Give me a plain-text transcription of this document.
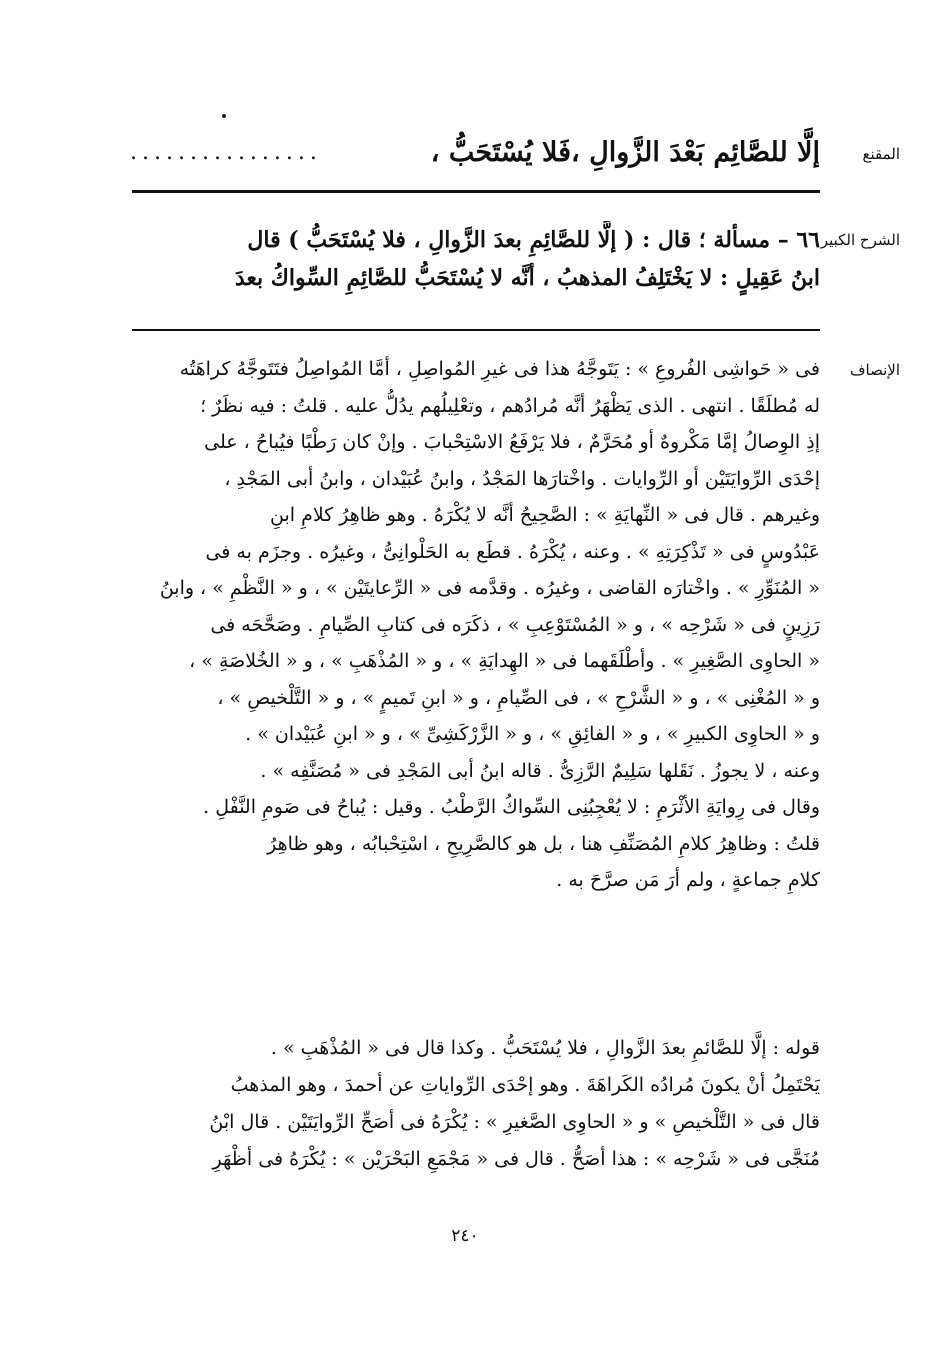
المقنع
إلَّا للصَّائِم بَعْدَ الزَّوالِ ،فَلا يُسْتَحَبُّ ،
................
الشرح الكبير
٦٦ – مسألة ؛ قال : ( إلَّا للصَّائِمِ بعدَ الزَّوالِ ، فلا يُسْتَحَبُّ ) قال
ابنُ عَقِيلٍ : لا يَخْتَلِفُ المذهبُ ، أنَّه لا يُسْتَحَبُّ للصَّائِمِ السِّواكُ بعدَ
الإنصاف
فى « حَواشِى الفُروعِ » : يَتَوجَّهُ هذا فى غيرِ المُواصِلِ ، أمَّا المُواصِلُ فتَتَوجَّهُ كراهَتُه
له مُطلَقًا . انتهى . الذى يَظْهَرُ أنَّه مُرادُهم ، وتعْلِيلُهم يدُلُّ عليه . قلتُ : فيه نظَرٌ ؛
إذِ الوِصالُ إمَّا مَكْروهٌ أو مُحَرَّمٌ ، فلا يَرْفَعُ الاسْتِحْبابَ . وإنْ كان رَطْبًا فيُباحُ ، على
إحْدَى الرِّوايَتَيْن أو الرِّوايات . واخْتارَها المَجْدُ ، وابنُ عُبَيْدان ، وابنُ أبى المَجْدِ ،
وغيرهم . قال فى « النِّهايَةِ » : الصَّحِيحُ أنَّه لا يُكْرَهُ . وهو ظاهِرُ كلامِ ابنِ
عَبْدُوسٍ فى « تَذْكِرَتِهِ » . وعنه ، يُكْرَهُ . قطَع به الحَلْوانِىُّ ، وغيرُه . وجزَم به فى
« المُنَوِّرِ » . واخْتارَه القاضى ، وغيرُه . وقدَّمه فى « الرِّعايتَيْن » ، و « النَّظْمِ » ، وابنُ
رَزِينٍ فى « شَرْحِه » ، و « المُسْتَوْعِبِ » ، ذكَرَه فى كتابِ الصِّيامِ . وصَحَّحَه فى
« الحاوِى الصَّغِيرِ » . وأطْلَقَهما فى « الهِدايَةِ » ، و « المُذْهَبِ » ، و « الخُلاصَةِ » ،
و « المُغْنِى » ، و « الشَّرْحِ » ، فى الصِّيامِ ، و « ابنِ تَميمٍ » ، و « التَّلْخيصِ » ،
و « الحاوِى الكبيرِ » ، و « الفائِقِ » ، و « الزَّرْكَشِىِّ » ، و « ابنِ عُبَيْدان » .
وعنه ، لا يجوزُ . نَقَلها سَلِيمٌ الرَّزِىُّ . قاله ابنُ أبى المَجْدِ فى « مُصَنَّفِه » .
وقال فى رِوايَةِ الأثْرَمِ : لا يُعْجِبُنِى السِّواكُ الرَّطْبُ . وقيل : يُباحُ فى صَومِ النَّفْلِ .
قلتُ : وظاهِرُ كلامِ المُصَنِّفِ هنا ، بل هو كالصَّرِيحِ ، اسْتِحْبابُه ، وهو ظاهِرُ
كلامِ جماعةٍ ، ولم أرَ مَن صرَّحَ به .
قوله : إلَّا للصَّائمِ بعدَ الزَّوالِ ، فلا يُسْتَحَبُّ . وكذا قال فى « المُذْهَبِ » .
يَحْتَمِلُ أنْ يكونَ مُرادُه الكَراهَةَ . وهو إحْدَى الرِّواياتِ عن أحمدَ ، وهو المذهبُ
قال فى « التَّلْخيصِ » و « الحاوِى الصَّغيرِ » : يُكْرَهُ فى أصَحِّ الرِّوايَتَيْن . قال ابْنُ
مُنَجَّى فى « شَرْحِه » : هذا أصَحُّ . قال فى « مَجْمَعِ البَحْرَيْن » : يُكْرَهُ فى أظْهَرِ
٢٤٠
